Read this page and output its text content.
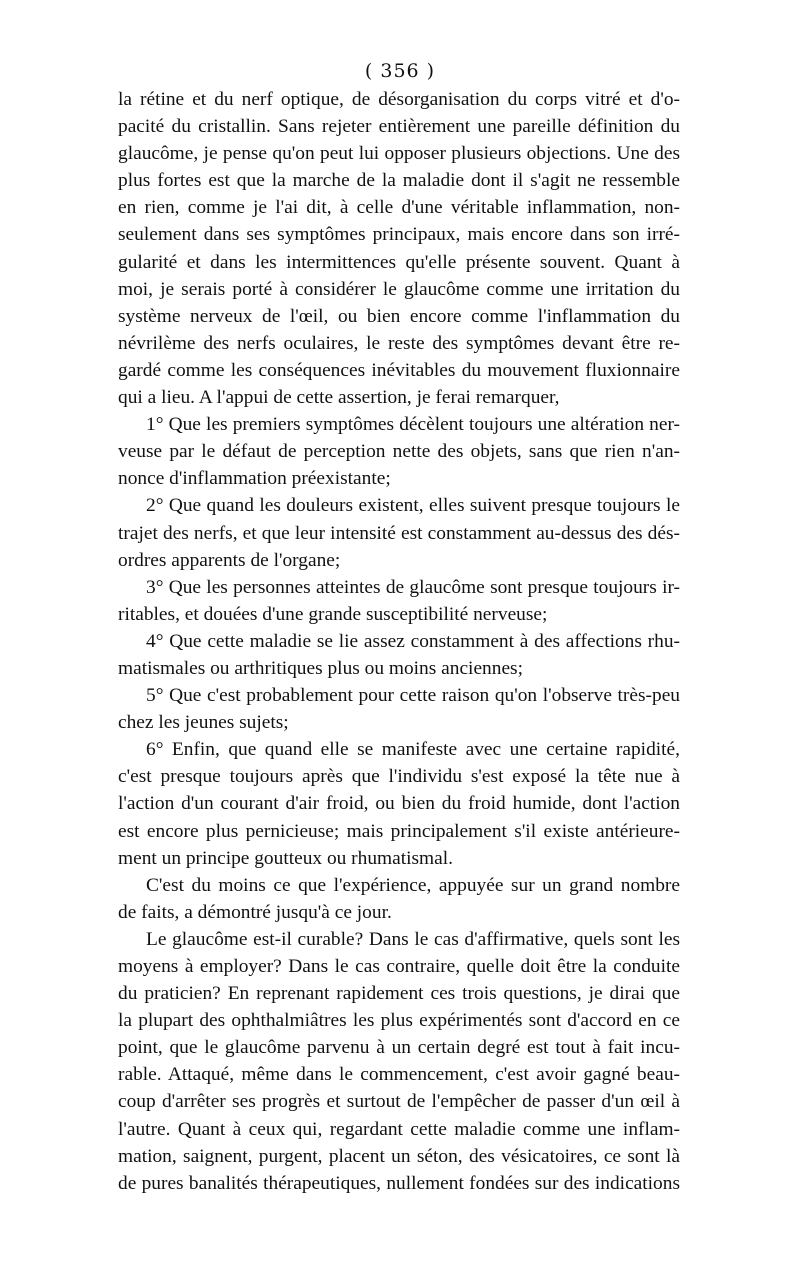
( 356 )
la rétine et du nerf optique, de désorganisation du corps vitré et d'o-
pacité du cristallin. Sans rejeter entièrement une pareille définition du
glaucôme, je pense qu'on peut lui opposer plusieurs objections. Une des
plus fortes est que la marche de la maladie dont il s'agit ne ressemble
en rien, comme je l'ai dit, à celle d'une véritable inflammation, non-
seulement dans ses symptômes principaux, mais encore dans son irré-
gularité et dans les intermittences qu'elle présente souvent. Quant à
moi, je serais porté à considérer le glaucôme comme une irritation du
système nerveux de l'œil, ou bien encore comme l'inflammation du
névrilème des nerfs oculaires, le reste des symptômes devant être re-
gardé comme les conséquences inévitables du mouvement fluxionnaire
qui a lieu. A l'appui de cette assertion, je ferai remarquer,
1° Que les premiers symptômes décèlent toujours une altération ner-
veuse par le défaut de perception nette des objets, sans que rien n'an-
nonce d'inflammation préexistante;
2° Que quand les douleurs existent, elles suivent presque toujours le
trajet des nerfs, et que leur intensité est constamment au-dessus des dés-
ordres apparents de l'organe;
3° Que les personnes atteintes de glaucôme sont presque toujours ir-
ritables, et douées d'une grande susceptibilité nerveuse;
4° Que cette maladie se lie assez constamment à des affections rhu-
matismales ou arthritiques plus ou moins anciennes;
5° Que c'est probablement pour cette raison qu'on l'observe très-peu
chez les jeunes sujets;
6° Enfin, que quand elle se manifeste avec une certaine rapidité,
c'est presque toujours après que l'individu s'est exposé la tête nue à
l'action d'un courant d'air froid, ou bien du froid humide, dont l'action
est encore plus pernicieuse; mais principalement s'il existe antérieure-
ment un principe goutteux ou rhumatismal.
C'est du moins ce que l'expérience, appuyée sur un grand nombre
de faits, a démontré jusqu'à ce jour.
Le glaucôme est-il curable? Dans le cas d'affirmative, quels sont les
moyens à employer? Dans le cas contraire, quelle doit être la conduite
du praticien? En reprenant rapidement ces trois questions, je dirai que
la plupart des ophthalmiâtres les plus expérimentés sont d'accord en ce
point, que le glaucôme parvenu à un certain degré est tout à fait incu-
rable. Attaqué, même dans le commencement, c'est avoir gagné beau-
coup d'arrêter ses progrès et surtout de l'empêcher de passer d'un œil à
l'autre. Quant à ceux qui, regardant cette maladie comme une inflam-
mation, saignent, purgent, placent un séton, des vésicatoires, ce sont là
de pures banalités thérapeutiques, nullement fondées sur des indications
